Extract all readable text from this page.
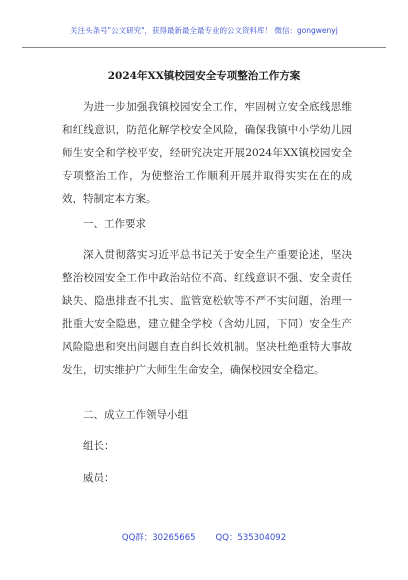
关注头条号"公文研究"，获得最新最全最专业的公文资料库！ 微信：gongwenyj
2024年XX镇校园安全专项整治工作方案
为进一步加强我镇校园安全工作，牢固树立安全底线思维和红线意识，防范化解学校安全风险，确保我镇中小学幼儿园师生安全和学校平安，经研究决定开展2024年XX镇校园安全专项整治工作，为使整治工作顺利开展并取得实实在在的成效，特制定本方案。
一、工作要求
深入贯彻落实习近平总书记关于安全生产重要论述，坚决整治校园安全工作中政治站位不高、红线意识不强、安全责任缺失、隐患排查不扎实、监管宽松软等不严不实问题，治理一批重大安全隐患，建立健全学校（含幼儿园，下同）安全生产风险隐患和突出问题自查自纠长效机制。坚决杜绝重特大事故发生，切实维护广大师生生命安全，确保校园安全稳定。
二、成立工作领导小组
组长：
威员：
QQ群：30265665 QQ：535304092
